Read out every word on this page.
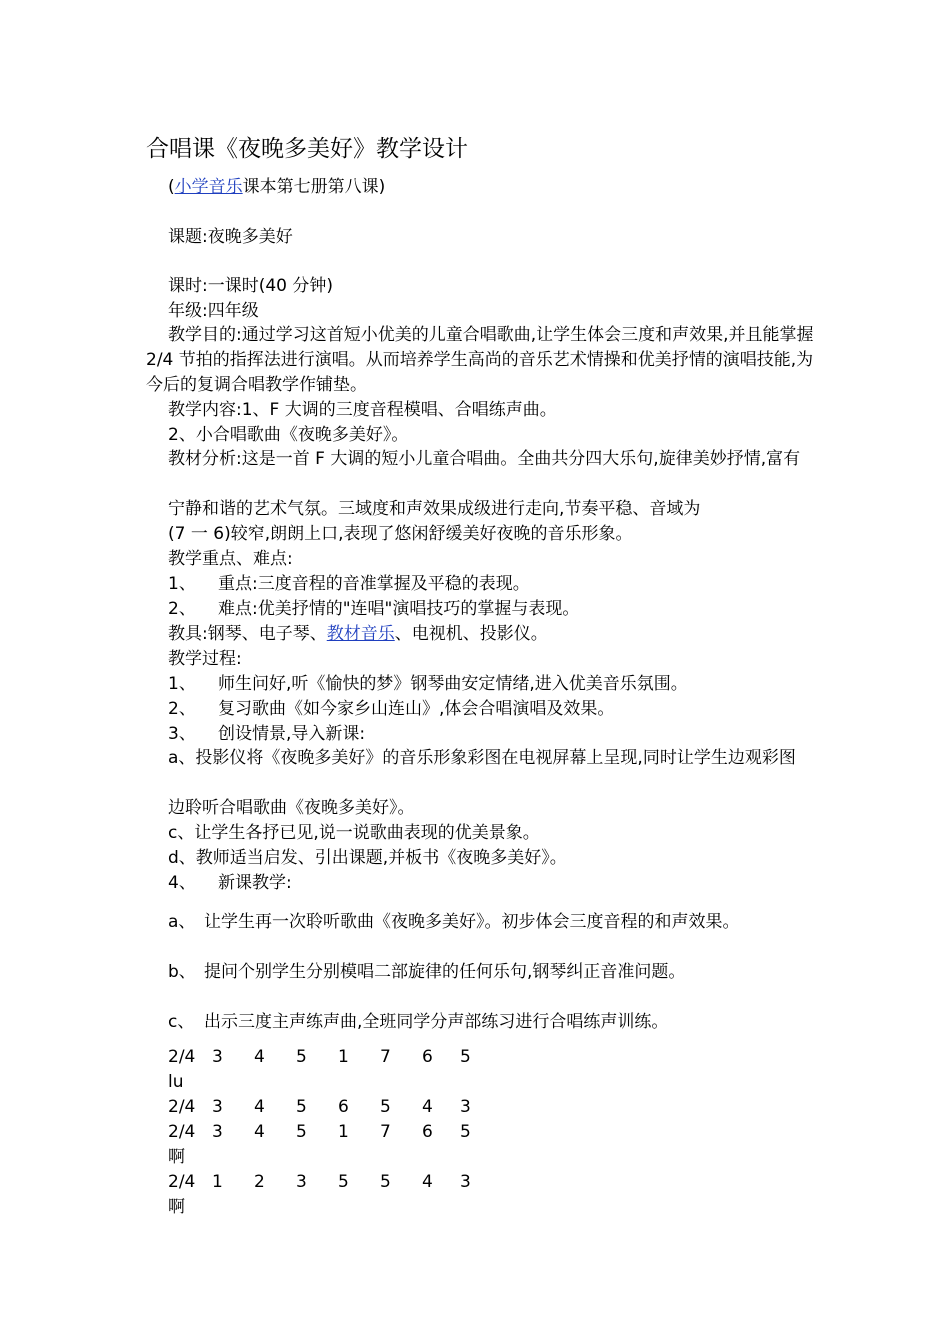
合唱课《夜晚多美好》教学设计
(小学音乐课本第七册第八课)
课题:夜晚多美好
课时:一课时(40 分钟)
年级:四年级
教学目的:通过学习这首短小优美的儿童合唱歌曲,让学生体会三度和声效果,并且能掌握 2/4 节拍的指挥法进行演唱。从而培养学生高尚的音乐艺术情操和优美抒情的演唱技能,为今后的复调合唱教学作铺垫。
教学内容:1、F 大调的三度音程模唱、合唱练声曲。
2、小合唱歌曲《夜晚多美好》。
教材分析:这是一首 F 大调的短小儿童合唱曲。全曲共分四大乐句,旋律美妙抒情,富有
宁静和谐的艺术气氛。三域度和声效果成级进行走向,节奏平稳、音域为
(7 一 6)较窄,朗朗上口,表现了悠闲舒缓美好夜晚的音乐形象。
教学重点、难点:
1、 重点:三度音程的音准掌握及平稳的表现。
2、 难点:优美抒情的"连唱"演唱技巧的掌握与表现。
教具:钢琴、电子琴、教材音乐、电视机、投影仪。
教学过程:
1、 师生问好,听《愉快的梦》钢琴曲安定情绪,进入优美音乐氛围。
2、 复习歌曲《如今家乡山连山》,体会合唱演唱及效果。
3、 创设情景,导入新课:
a、投影仪将《夜晚多美好》的音乐形象彩图在电视屏幕上呈现,同时让学生边观彩图
边聆听合唱歌曲《夜晚多美好》。
c、让学生各抒已见,说一说歌曲表现的优美景象。
d、教师适当启发、引出课题,并板书《夜晚多美好》。
4、 新课教学:
a、 让学生再一次聆听歌曲《夜晚多美好》。初步体会三度音程的和声效果。
b、 提问个别学生分别模唱二部旋律的任何乐句,钢琴纠正音准问题。
c、 出示三度主声练声曲,全班同学分声部练习进行合唱练声训练。
2/4 3 4 5 1 7 6 5
lu
2/4 3 4 5 6 5 4 3
2/4 3 4 5 1 7 6 5
啊
2/4 1 2 3 5 5 4 3
啊
